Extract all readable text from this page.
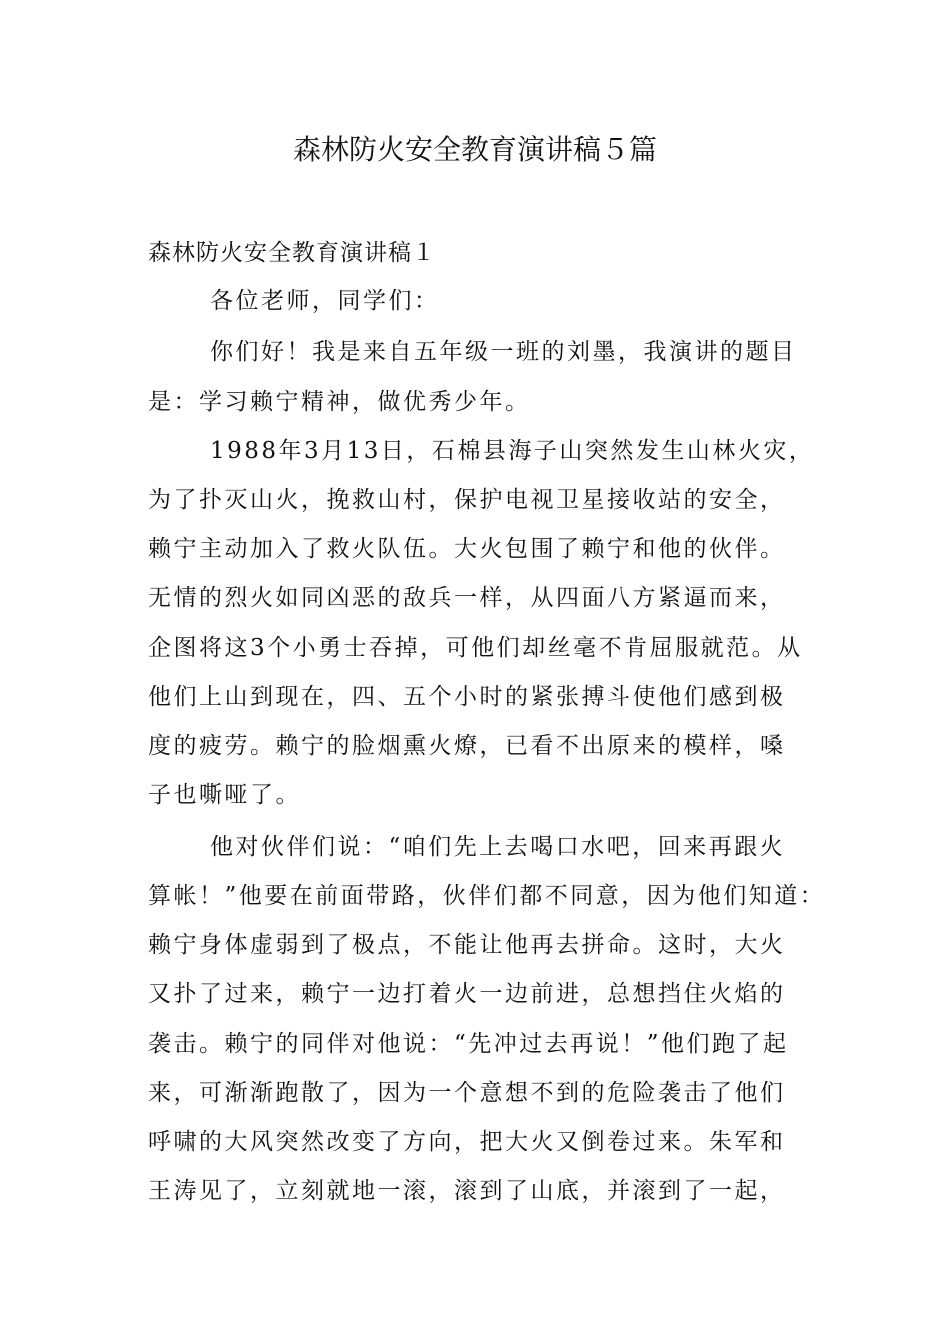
森林防火安全教育演讲稿５篇

森林防火安全教育演讲稿１

各位老师，同学们：

你们好！我是来自五年级一班的刘墨，我演讲的题目

是：学习赖宁精神，做优秀少年。

1988年3月13日，石棉县海子山突然发生山林火灾，

为了扑灭山火，挽救山村，保护电视卫星接收站的安全，

赖宁主动加入了救火队伍。大火包围了赖宁和他的伙伴。

无情的烈火如同凶恶的敌兵一样，从四面八方紧逼而来，

企图将这3个小勇士吞掉，可他们却丝毫不肯屈服就范。从

他们上山到现在，四、五个小时的紧张搏斗使他们感到极

度的疲劳。赖宁的脸烟熏火燎，已看不出原来的模样，嗓

子也嘶哑了。

他对伙伴们说：“咱们先上去喝口水吧，回来再跟火

算帐！”他要在前面带路，伙伴们都不同意，因为他们知道：

赖宁身体虚弱到了极点，不能让他再去拼命。这时，大火

又扑了过来，赖宁一边打着火一边前进，总想挡住火焰的

袭击。赖宁的同伴对他说：“先冲过去再说！”他们跑了起

来，可渐渐跑散了，因为一个意想不到的危险袭击了他们

呼啸的大风突然改变了方向，把大火又倒卷过来。朱军和

王涛见了，立刻就地一滚，滚到了山底，并滚到了一起，
